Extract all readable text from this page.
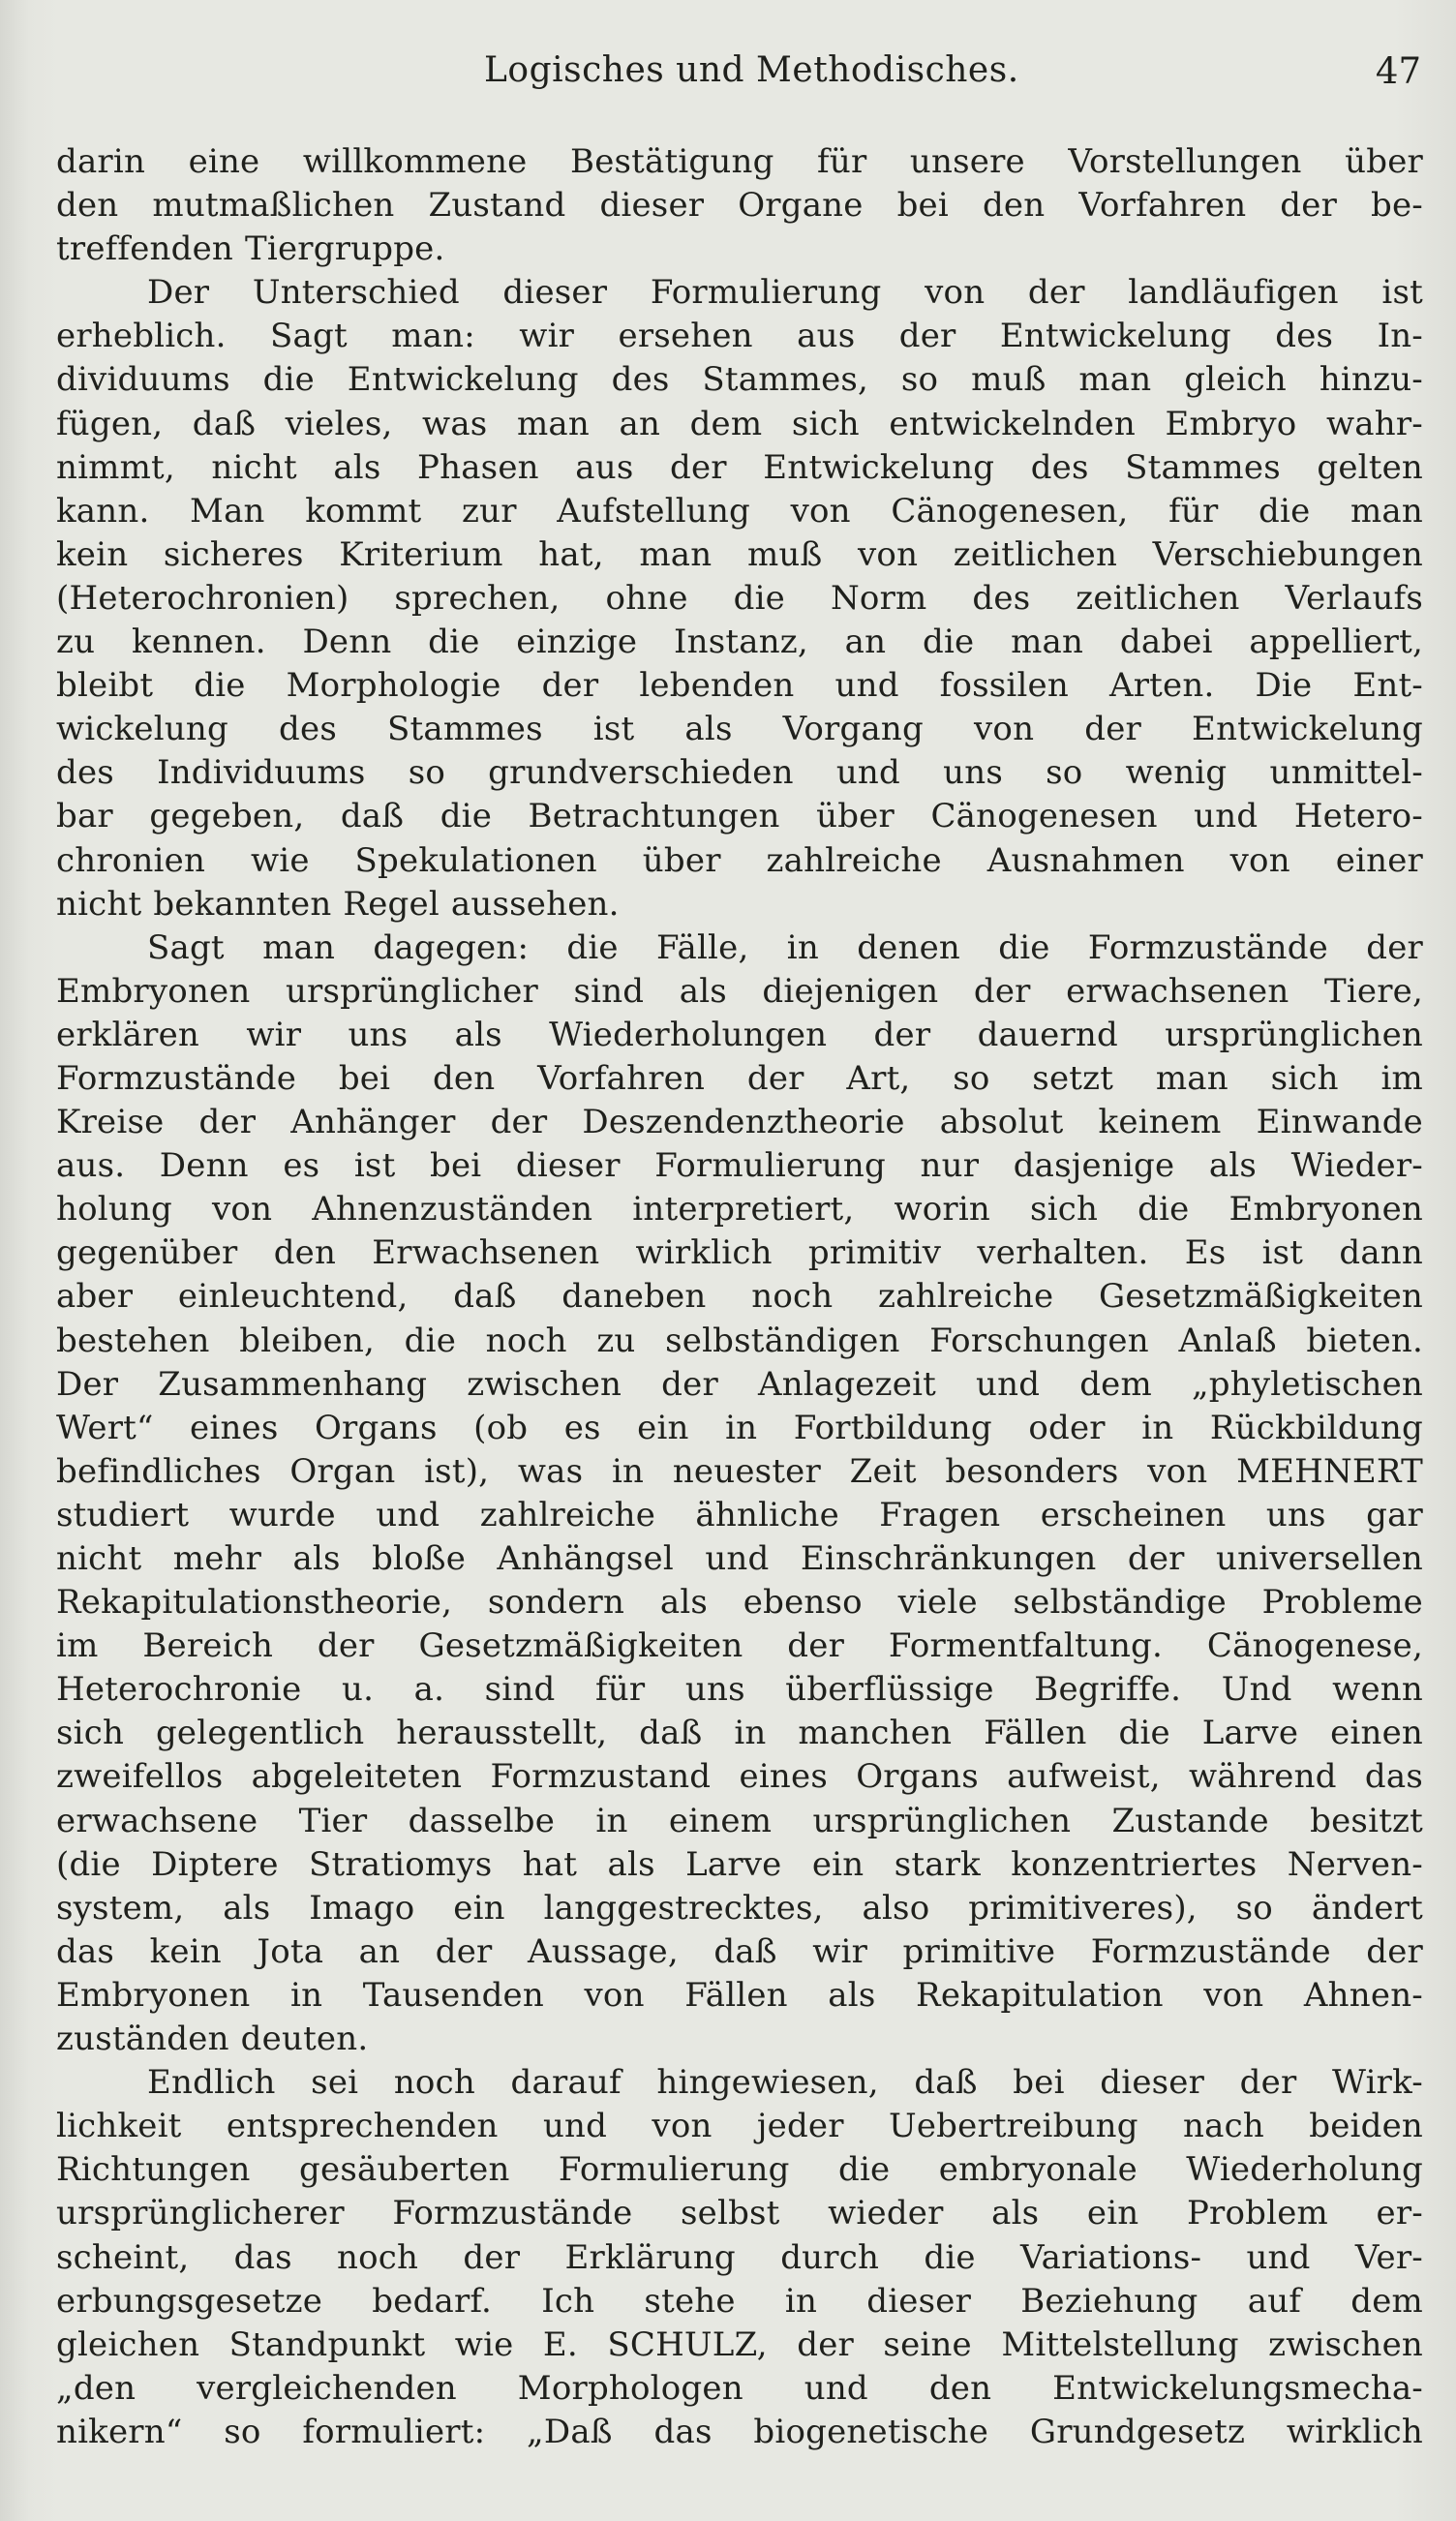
Logisches und Methodisches.	47
darin eine willkommene Bestätigung für unsere Vorstellungen über
den mutmaßlichen Zustand dieser Organe bei den Vorfahren der be-
treffenden Tiergruppe.
Der Unterschied dieser Formulierung von der landläufigen ist
erheblich. Sagt man: wir ersehen aus der Entwickelung des In-
dividuums die Entwickelung des Stammes, so muß man gleich hinzu-
fügen, daß vieles, was man an dem sich entwickelnden Embryo wahr-
nimmt, nicht als Phasen aus der Entwickelung des Stammes gelten
kann. Man kommt zur Aufstellung von Cänogenesen, für die man
kein sicheres Kriterium hat, man muß von zeitlichen Verschiebungen
(Heterochronien) sprechen, ohne die Norm des zeitlichen Verlaufs
zu kennen. Denn die einzige Instanz, an die man dabei appelliert,
bleibt die Morphologie der lebenden und fossilen Arten. Die Ent-
wickelung des Stammes ist als Vorgang von der Entwickelung
des Individuums so grundverschieden und uns so wenig unmittel-
bar gegeben, daß die Betrachtungen über Cänogenesen und Hetero-
chronien wie Spekulationen über zahlreiche Ausnahmen von einer
nicht bekannten Regel aussehen.
Sagt man dagegen: die Fälle, in denen die Formzustände der
Embryonen ursprünglicher sind als diejenigen der erwachsenen Tiere,
erklären wir uns als Wiederholungen der dauernd ursprünglichen
Formzustände bei den Vorfahren der Art, so setzt man sich im
Kreise der Anhänger der Deszendenztheorie absolut keinem Einwande
aus. Denn es ist bei dieser Formulierung nur dasjenige als Wieder-
holung von Ahnenzuständen interpretiert, worin sich die Embryonen
gegenüber den Erwachsenen wirklich primitiv verhalten. Es ist dann
aber einleuchtend, daß daneben noch zahlreiche Gesetzmäßigkeiten
bestehen bleiben, die noch zu selbständigen Forschungen Anlaß bieten.
Der Zusammenhang zwischen der Anlagezeit und dem „phyletischen
Wert“ eines Organs (ob es ein in Fortbildung oder in Rückbildung
befindliches Organ ist), was in neuester Zeit besonders von MEHNERT
studiert wurde und zahlreiche ähnliche Fragen erscheinen uns gar
nicht mehr als bloße Anhängsel und Einschränkungen der universellen
Rekapitulationstheorie, sondern als ebenso viele selbständige Probleme
im Bereich der Gesetzmäßigkeiten der Formentfaltung. Cänogenese,
Heterochronie u. a. sind für uns überflüssige Begriffe. Und wenn
sich gelegentlich herausstellt, daß in manchen Fällen die Larve einen
zweifellos abgeleiteten Formzustand eines Organs aufweist, während das
erwachsene Tier dasselbe in einem ursprünglichen Zustande besitzt
(die Diptere Stratiomys hat als Larve ein stark konzentriertes Nerven-
system, als Imago ein langgestrecktes, also primitiveres), so ändert
das kein Jota an der Aussage, daß wir primitive Formzustände der
Embryonen in Tausenden von Fällen als Rekapitulation von Ahnen-
zuständen deuten.
Endlich sei noch darauf hingewiesen, daß bei dieser der Wirk-
lichkeit entsprechenden und von jeder Uebertreibung nach beiden
Richtungen gesäuberten Formulierung die embryonale Wiederholung
ursprünglicherer Formzustände selbst wieder als ein Problem er-
scheint, das noch der Erklärung durch die Variations- und Ver-
erbungsgesetze bedarf. Ich stehe in dieser Beziehung auf dem
gleichen Standpunkt wie E. SCHULZ, der seine Mittelstellung zwischen
„den vergleichenden Morphologen und den Entwickelungsmecha-
nikern“ so formuliert: „Daß das biogenetische Grundgesetz wirklich
